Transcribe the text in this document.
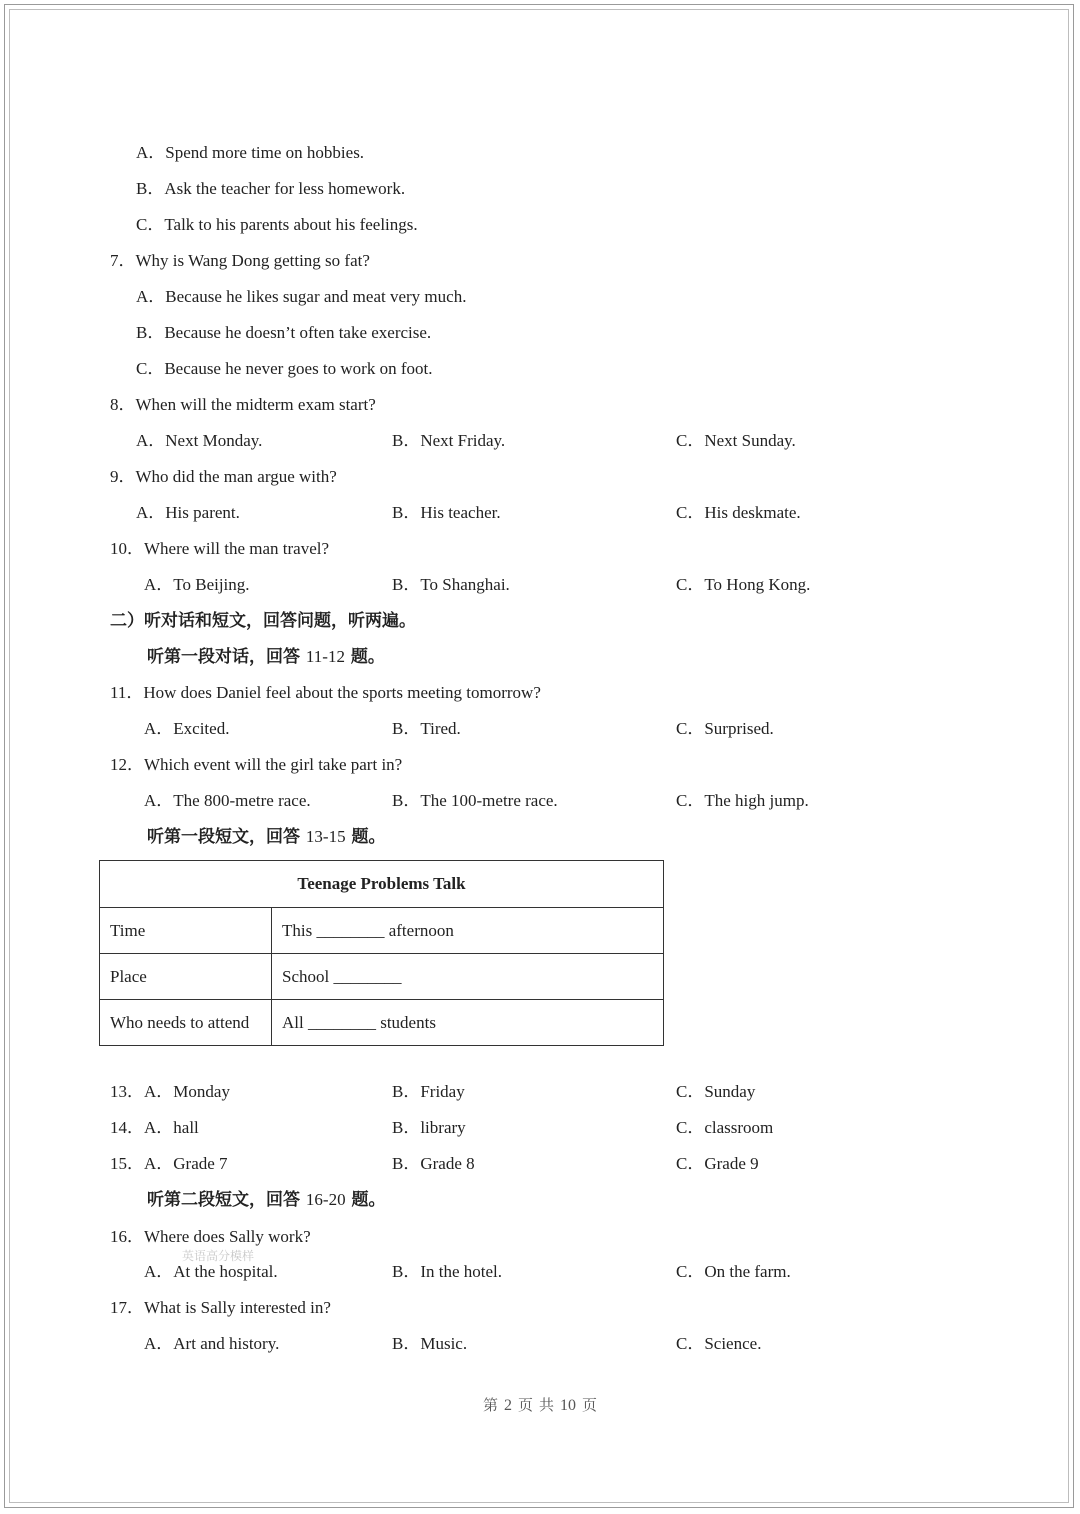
A．Spend more time on hobbies.
B．Ask the teacher for less homework.
C．Talk to his parents about his feelings.
7．Why is Wang Dong getting so fat?
A．Because he likes sugar and meat very much.
B．Because he doesn’t often take exercise.
C．Because he never goes to work on foot.
8．When will the midterm exam start?
A．Next Monday.	B．Next Friday.	C．Next Sunday.
9．Who did the man argue with?
A．His parent.	B．His teacher.	C．His deskmate.
10．Where will the man travel?
A．To Beijing.	B．To Shanghai.	C．To Hong Kong.
11．How does Daniel feel about the sports meeting tomorrow?
A．Excited.	B．Tired.	C．Surprised.
12．Which event will the girl take part in?
A．The 800-metre race.	B．The 100-metre race.	C．The high jump.
13．A．Monday	B．Friday	C．Sunday
14．A．hall	B．library	C．classroom
15．A．Grade 7	B．Grade 8	C．Grade 9
16．Where does Sally work?
A．At the hospital.	B．In the hotel.	C．On the farm.
17．What is Sally interested in?
A．Art and history.	B．Music.	C．Science.
二）听对话和短文，回答问题，听两遍。
听第一段对话，回答 11-12 题。
听第一段短文，回答 13-15 题。
听第二段短文，回答 16-20 题。
Teenage Problems Talk	
Time	This ________ afternoon
Place	School ________
Who needs to attend	All ________ students
英语高分模样
第 2 页 共 10 页
